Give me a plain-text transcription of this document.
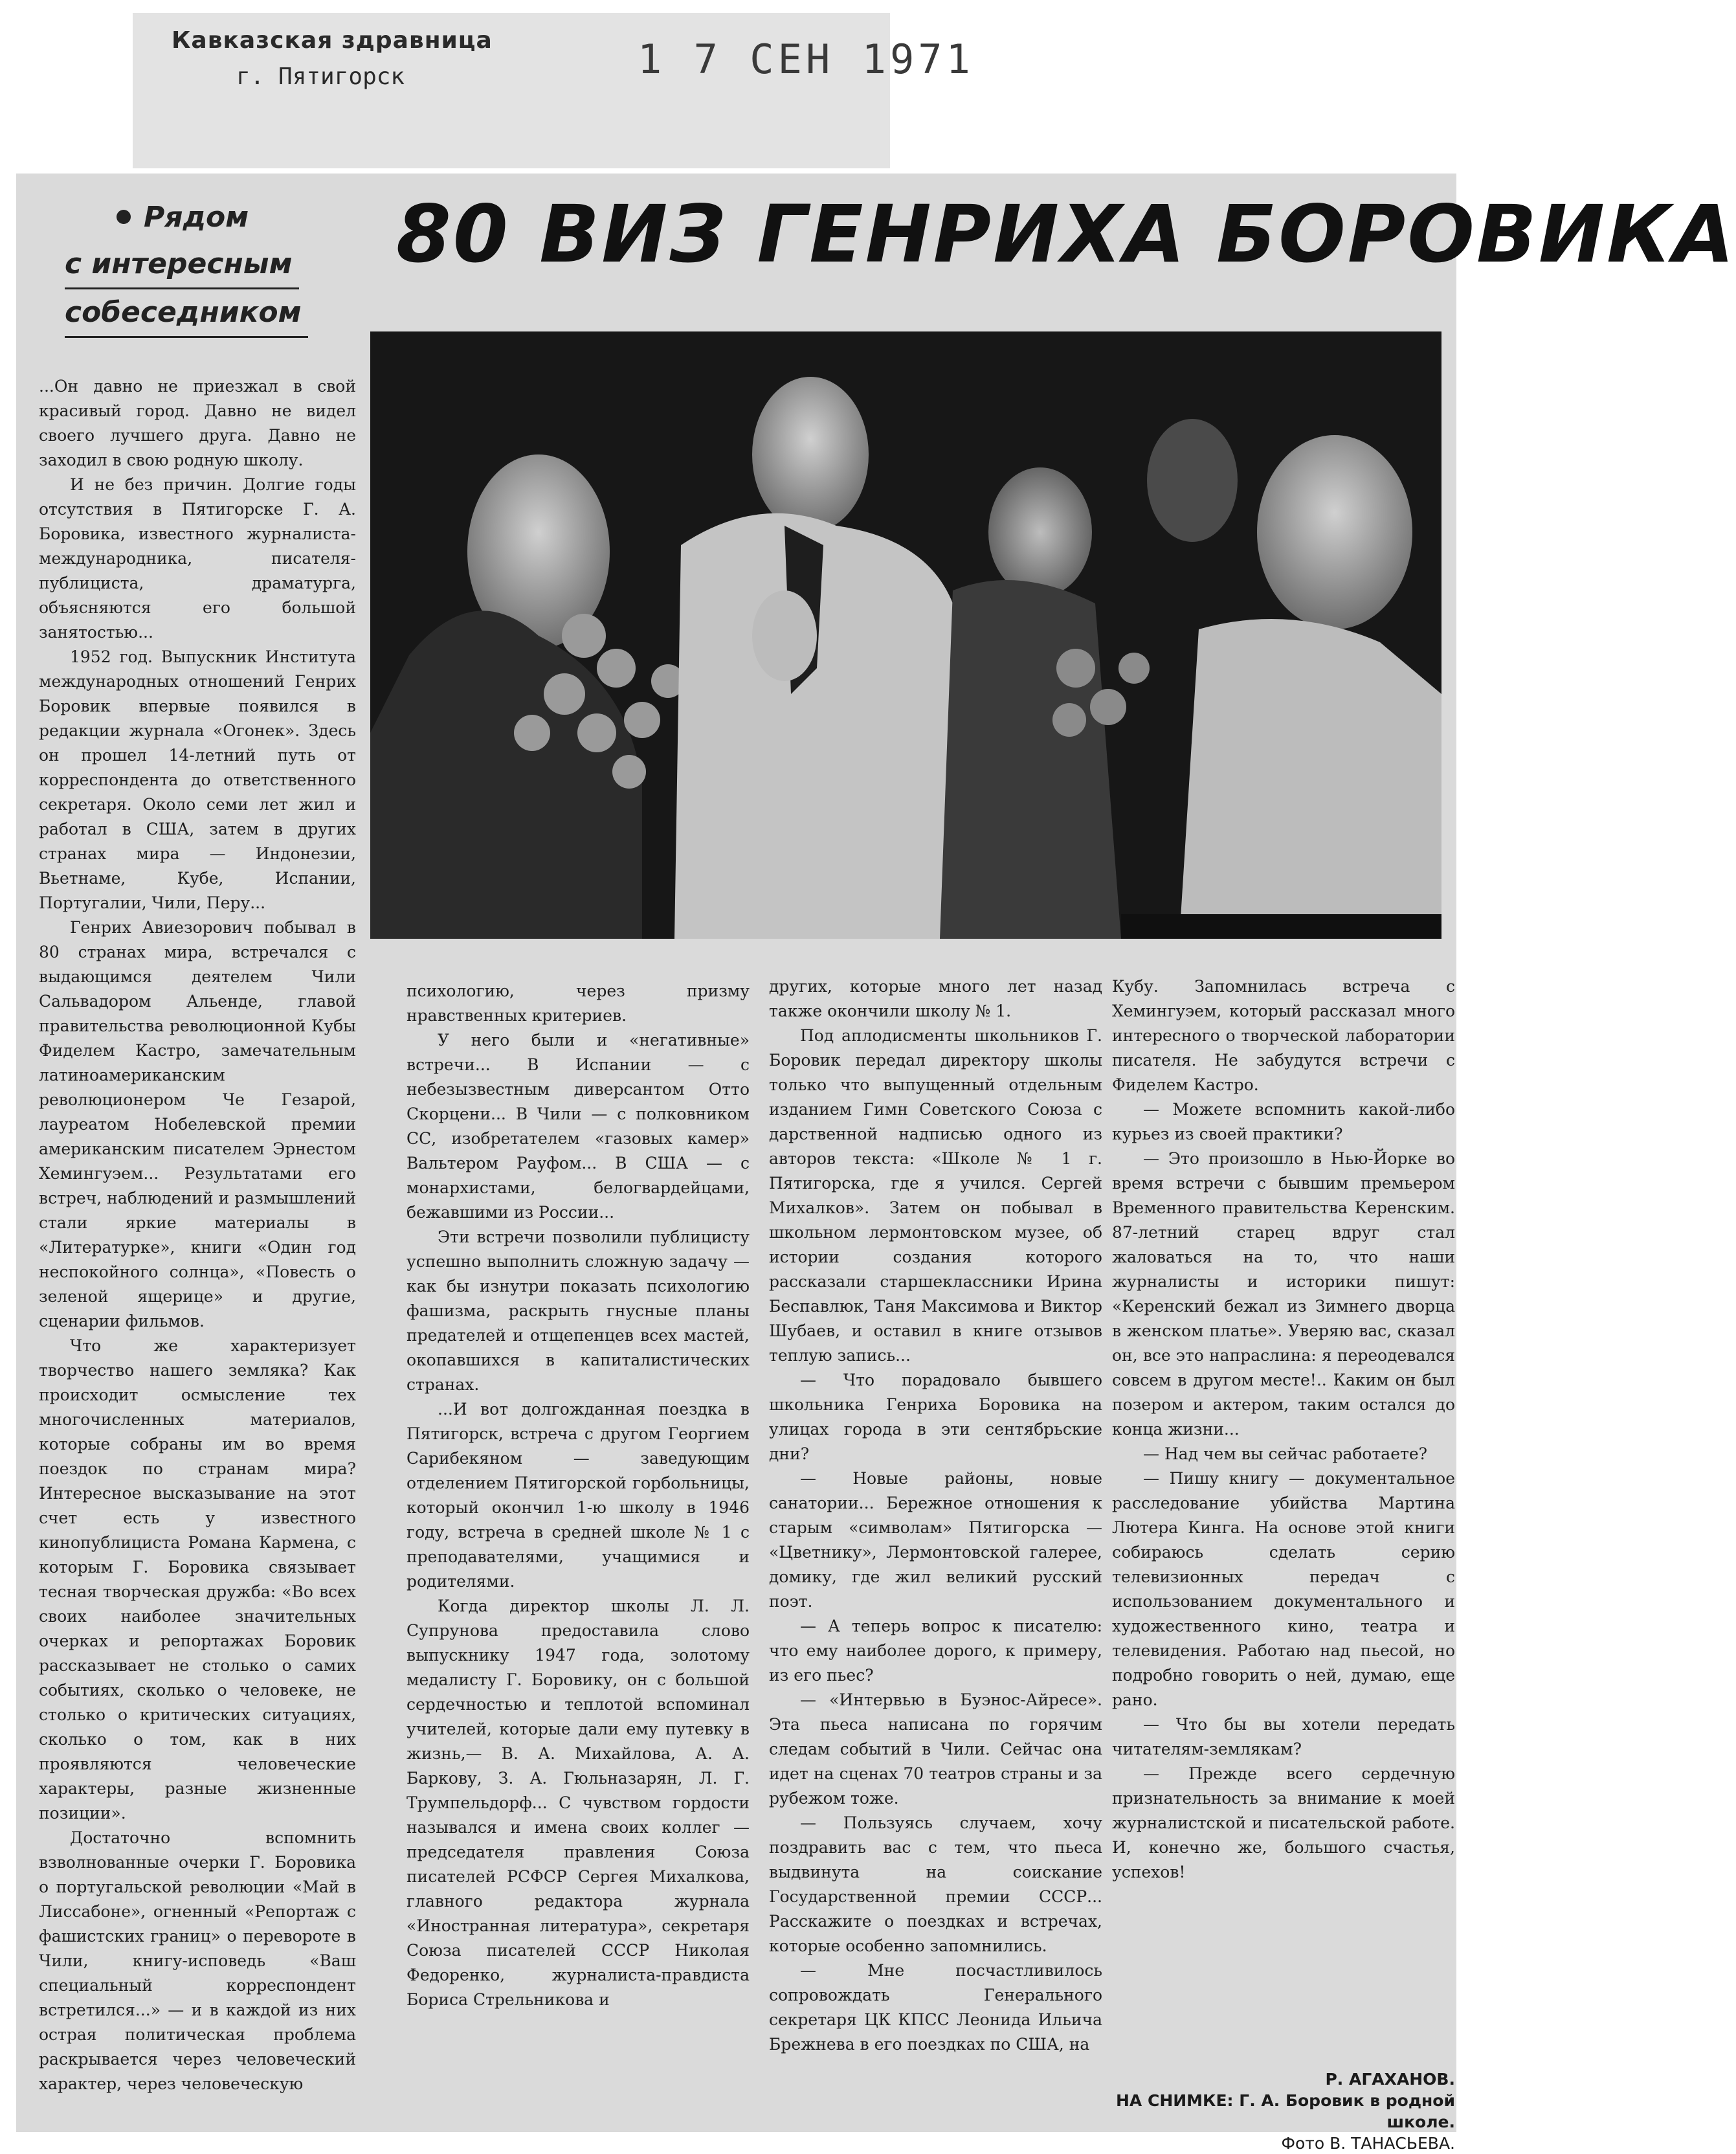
Кавказская здравница
г. Пятигорск	1 7 СЕН 1971
Рядом
с интересным
собеседником
80 ВИЗ ГЕНРИХА БОРОВИКА

...Он давно не приезжал в свой красивый город. Давно не видел своего лучшего друга. Давно не заходил в свою родную школу.

И не без причин. Долгие годы отсутствия в Пятигорске Г. А. Боровика, известного журналиста-международника, писателя-публициста, драматурга, объясняются его большой занятостью...

1952 год. Выпускник Института международных отношений Генрих Боровик впервые появился в редакции журнала «Огонек». Здесь он прошел 14-летний путь от корреспондента до ответственного секретаря. Около семи лет жил и работал в США, затем в других странах мира — Индонезии, Вьетнаме, Кубе, Испании, Португалии, Чили, Перу...

Генрих Авиезорович побывал в 80 странах мира, встречался с выдающимся деятелем Чили Сальвадором Альенде, главой правительства революционной Кубы Фиделем Кастро, замечательным латиноамериканским революционером Че Гезарой, лауреатом Нобелевской премии американским писателем Эрнестом Хемингуэем... Результатами его встреч, наблюдений и размышлений стали яркие материалы в «Литературке», книги «Один год неспокойного солнца», «Повесть о зеленой ящерице» и другие, сценарии фильмов.

Что же характеризует творчество нашего земляка? Как происходит осмысление тех многочисленных материалов, которые собраны им во время поездок по странам мира? Интересное высказывание на этот счет есть у известного кинопублициста Романа Кармена, с которым Г. Боровика связывает тесная творческая дружба: «Во всех своих наиболее значительных очерках и репортажах Боровик рассказывает не столько о самих событиях, сколько о человеке, не столько о критических ситуациях, сколько о том, как в них проявляются человеческие характеры, разные жизненные позиции».

Достаточно вспомнить взволнованные очерки Г. Боровика о португальской революции «Май в Лиссабоне», огненный «Репортаж с фашистских границ» о перевороте в Чили, книгу-исповедь «Ваш специальный корреспондент встретился...» — и в каждой из них острая политическая проблема раскрывается через человеческий характер, через человеческую

психологию, через призму нравственных критериев.

У него были и «негативные» встречи... В Испании — с небезызвестным диверсантом Отто Скорцени... В Чили — с полковником СС, изобретателем «газовых камер» Вальтером Рауфом... В США — с монархистами, белогвардейцами, бежавшими из России...

Эти встречи позволили публицисту успешно выполнить сложную задачу — как бы изнутри показать психологию фашизма, раскрыть гнусные планы предателей и отщепенцев всех мастей, окопавшихся в капиталистических странах.

...И вот долгожданная поездка в Пятигорск, встреча с другом Георгием Сарибекяном — заведующим отделением Пятигорской горбольницы, который окончил 1-ю школу в 1946 году, встреча в средней школе № 1 с преподавателями, учащимися и родителями.

Когда директор школы Л. Л. Супрунова предоставила слово выпускнику 1947 года, золотому медалисту Г. Боровику, он с большой сердечностью и теплотой вспоминал учителей, которые дали ему путевку в жизнь,— В. А. Михайлова, А. А. Баркову, З. А. Гюльназарян, Л. Г. Трумпельдорф... С чувством гордости назывался и имена своих коллег — председателя правления Союза писателей РСФСР Сергея Михалкова, главного редактора журнала «Иностранная литература», секретаря Союза писателей СССР Николая Федоренко, журналиста-правдиста Бориса Стрельникова и

других, которые много лет назад также окончили школу № 1.

Под аплодисменты школьников Г. Боровик передал директору школы только что выпущенный отдельным изданием Гимн Советского Союза с дарственной надписью одного из авторов текста: «Школе № 1 г. Пятигорска, где я учился. Сергей Михалков». Затем он побывал в школьном лермонтовском музее, об истории создания которого рассказали старшеклассники Ирина Беспавлюк, Таня Максимова и Виктор Шубаев, и оставил в книге отзывов теплую запись...

— Что порадовало бывшего школьника Генриха Боровика на улицах города в эти сентябрьские дни?

— Новые районы, новые санатории... Бережное отношения к старым «символам» Пятигорска — «Цветнику», Лермонтовской галерее, домику, где жил великий русский поэт.

— А теперь вопрос к писателю: что ему наиболее дорого, к примеру, из его пьес?

— «Интервью в Буэнос-Айресе». Эта пьеса написана по горячим следам событий в Чили. Сейчас она идет на сценах 70 театров страны и за рубежом тоже.

— Пользуясь случаем, хочу поздравить вас с тем, что пьеса выдвинута на соискание Государственной премии СССР... Расскажите о поездках и встречах, которые особенно запомнились.

— Мне посчастливилось сопровождать Генерального секретаря ЦК КПСС Леонида Ильича Брежнева в его поездках по США, на

Кубу. Запомнилась встреча с Хемингуэем, который рассказал много интересного о творческой лаборатории писателя. Не забудутся встречи с Фиделем Кастро.

— Можете вспомнить какой-либо курьез из своей практики?

— Это произошло в Нью-Йорке во время встречи с бывшим премьером Временного правительства Керенским. 87-летний старец вдруг стал жаловаться на то, что наши журналисты и историки пишут: «Керенский бежал из Зимнего дворца в женском платье». Уверяю вас, сказал он, все это напраслина: я переодевался совсем в другом месте!.. Каким он был позером и актером, таким остался до конца жизни...

— Над чем вы сейчас работаете?

— Пишу книгу — документальное расследование убийства Мартина Лютера Кинга. На основе этой книги собираюсь сделать серию телевизионных передач с использованием документального и художественного кино, театра и телевидения. Работаю над пьесой, но подробно говорить о ней, думаю, еще рано.

— Что бы вы хотели передать читателям-землякам?

— Прежде всего сердечную признательность за внимание к моей журналистской и писательской работе. И, конечно же, большого счастья, успехов!

Р. АГАХАНОВ.
НА СНИМКЕ: Г. А. Боровик в родной школе.
Фото В. ТАНАСЬЕВА.
